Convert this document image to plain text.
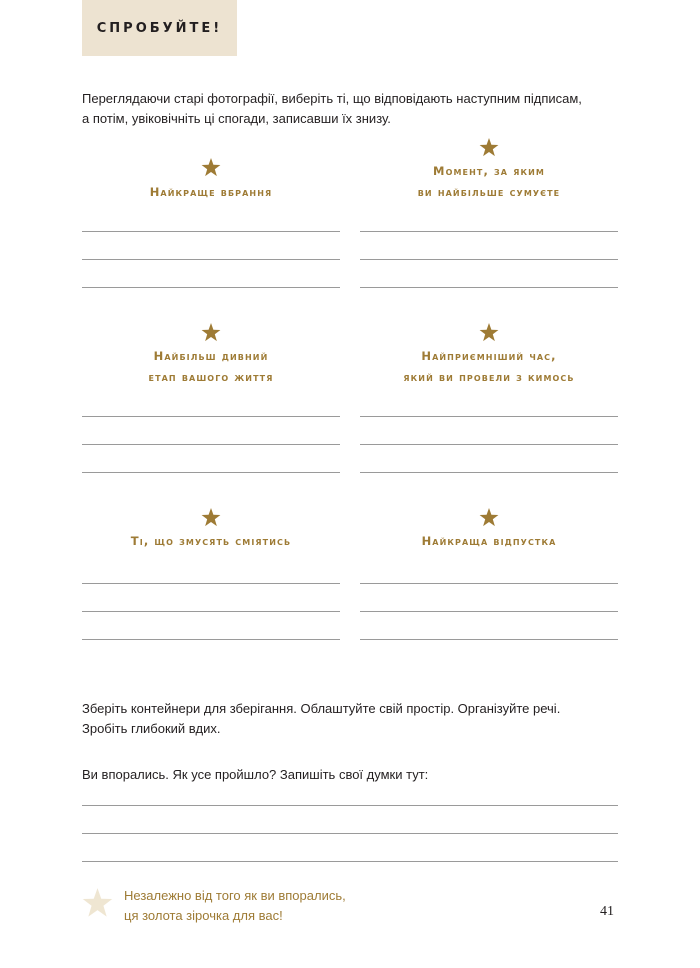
СПРОБУЙТЕ!
Переглядаючи старі фотографії, виберіть ті, що відповідають наступним підписам,
а потім, увіковічніть ці спогади, записавши їх знизу.
Найкраще вбрання
Момент, за яким
ви найбільше сумуєте
Найбільш дивний
етап вашого життя
Найприємніший час,
який ви провели з кимось
Ті, що змусять сміятись	Найкраща відпустка
Зберіть контейнери для зберігання. Облаштуйте свій простір. Організуйте речі.
Зробіть глибокий вдих.
Ви впорались. Як усе пройшло? Запишіть свої думки тут:
Незалежно від того як ви впорались,
ця золота зірочка для вас!	41
